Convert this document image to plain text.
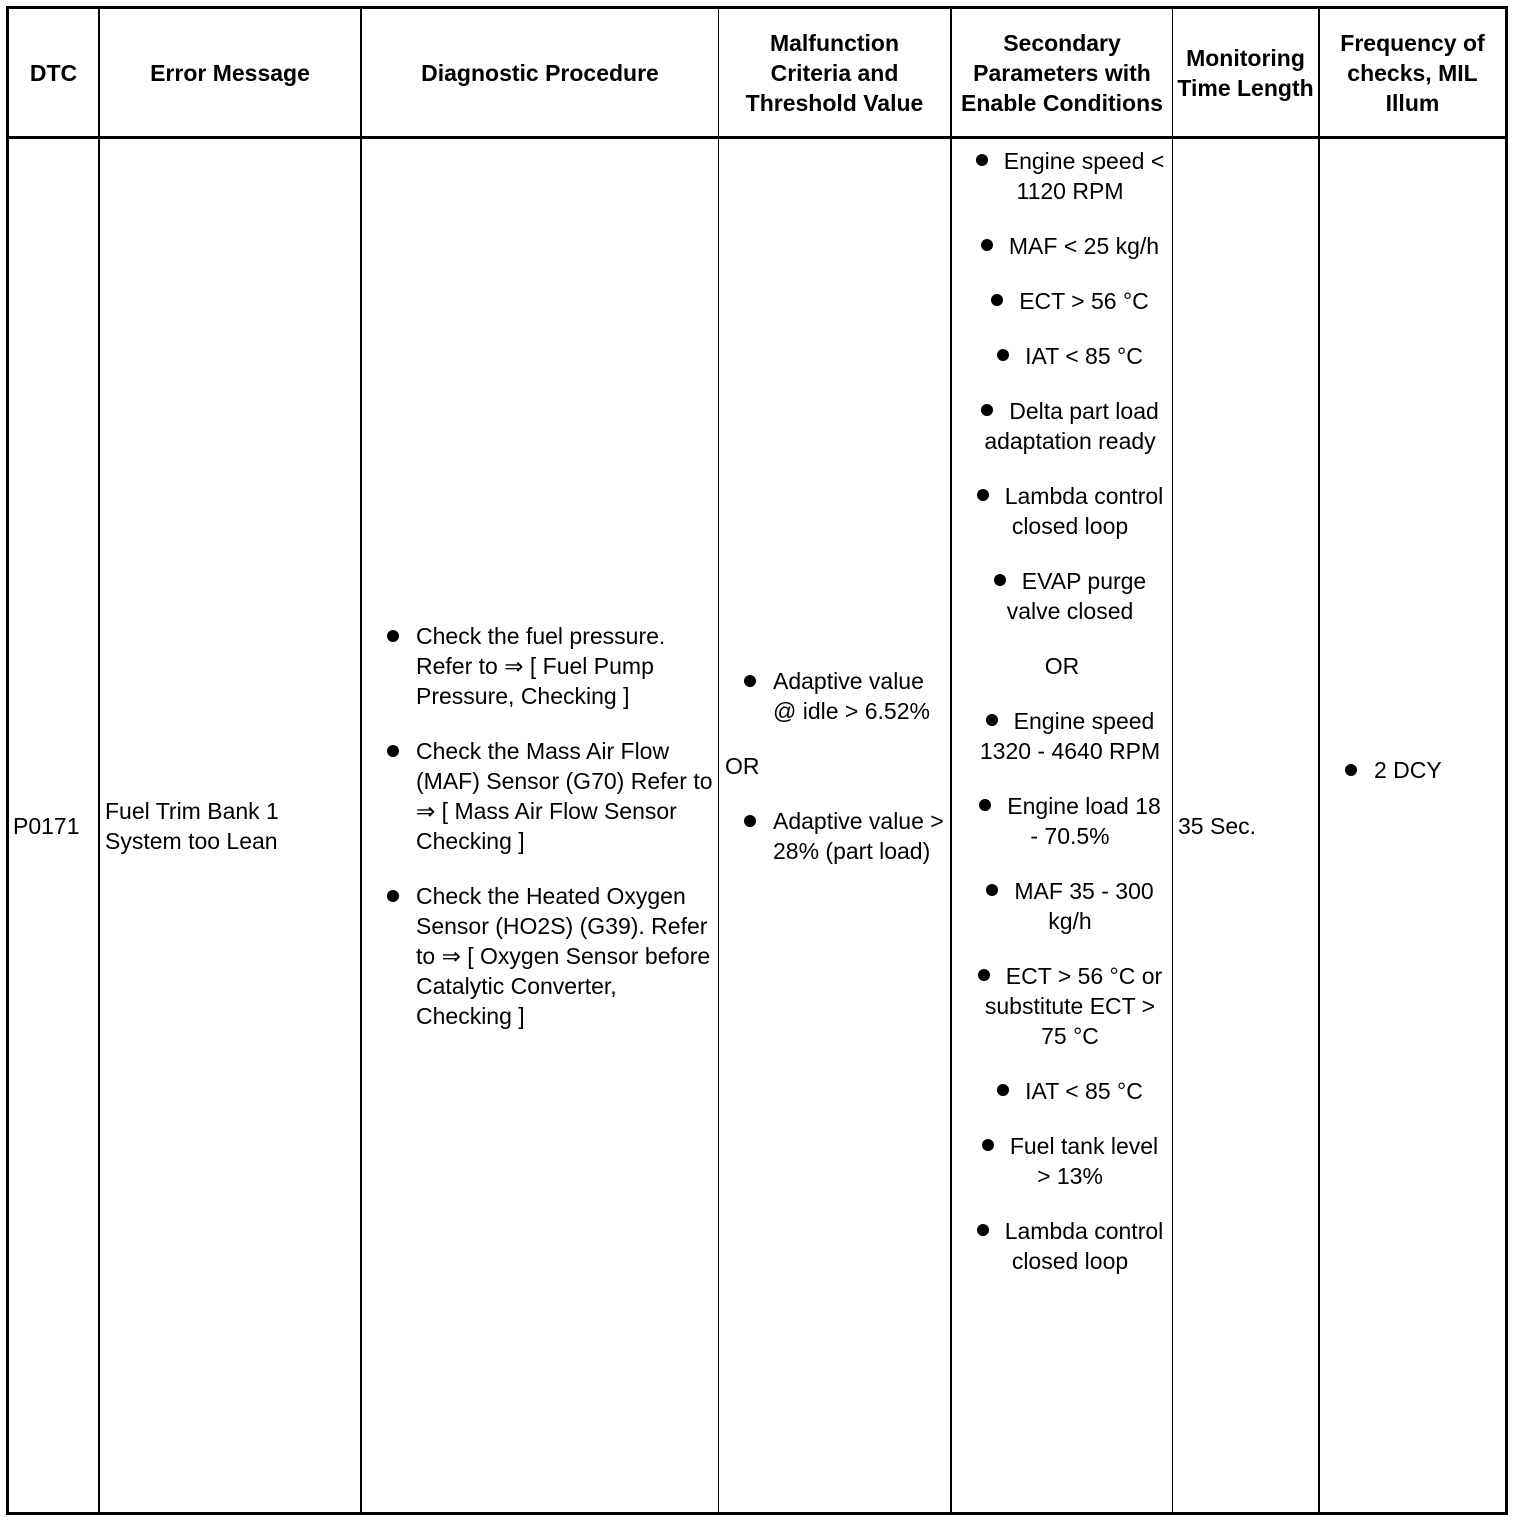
DTC	Error Message	Diagnostic Procedure
Malfunction Criteria and Threshold Value
Secondary Parameters with Enable Conditions
Monitoring Time Length
Frequency of checks, MIL Illum
P0171
Fuel Trim Bank 1 System too Lean
Check the fuel pressure. Refer to ⇒ [ Fuel Pump Pressure, Checking ]
Check the Mass Air Flow (MAF) Sensor (G70) Refer to ⇒ [ Mass Air Flow Sensor Checking ]
Check the Heated Oxygen Sensor (HO2S) (G39). Refer to ⇒ [ Oxygen Sensor before Catalytic Converter, Checking ]
Adaptive value @ idle > 6.52%
OR
Adaptive value > 28% (part load)
Engine speed < 1120 RPM
MAF < 25 kg/h
ECT > 56 °C
IAT < 85 °C
Delta part load adaptation ready
Lambda control closed loop
EVAP purge valve closed
OR
Engine speed 1320 - 4640 RPM
Engine load 18 - 70.5%
MAF 35 - 300 kg/h
ECT > 56 °C or substitute ECT > 75 °C
IAT < 85 °C
Fuel tank level > 13%
Lambda control closed loop
35 Sec.
2 DCY
